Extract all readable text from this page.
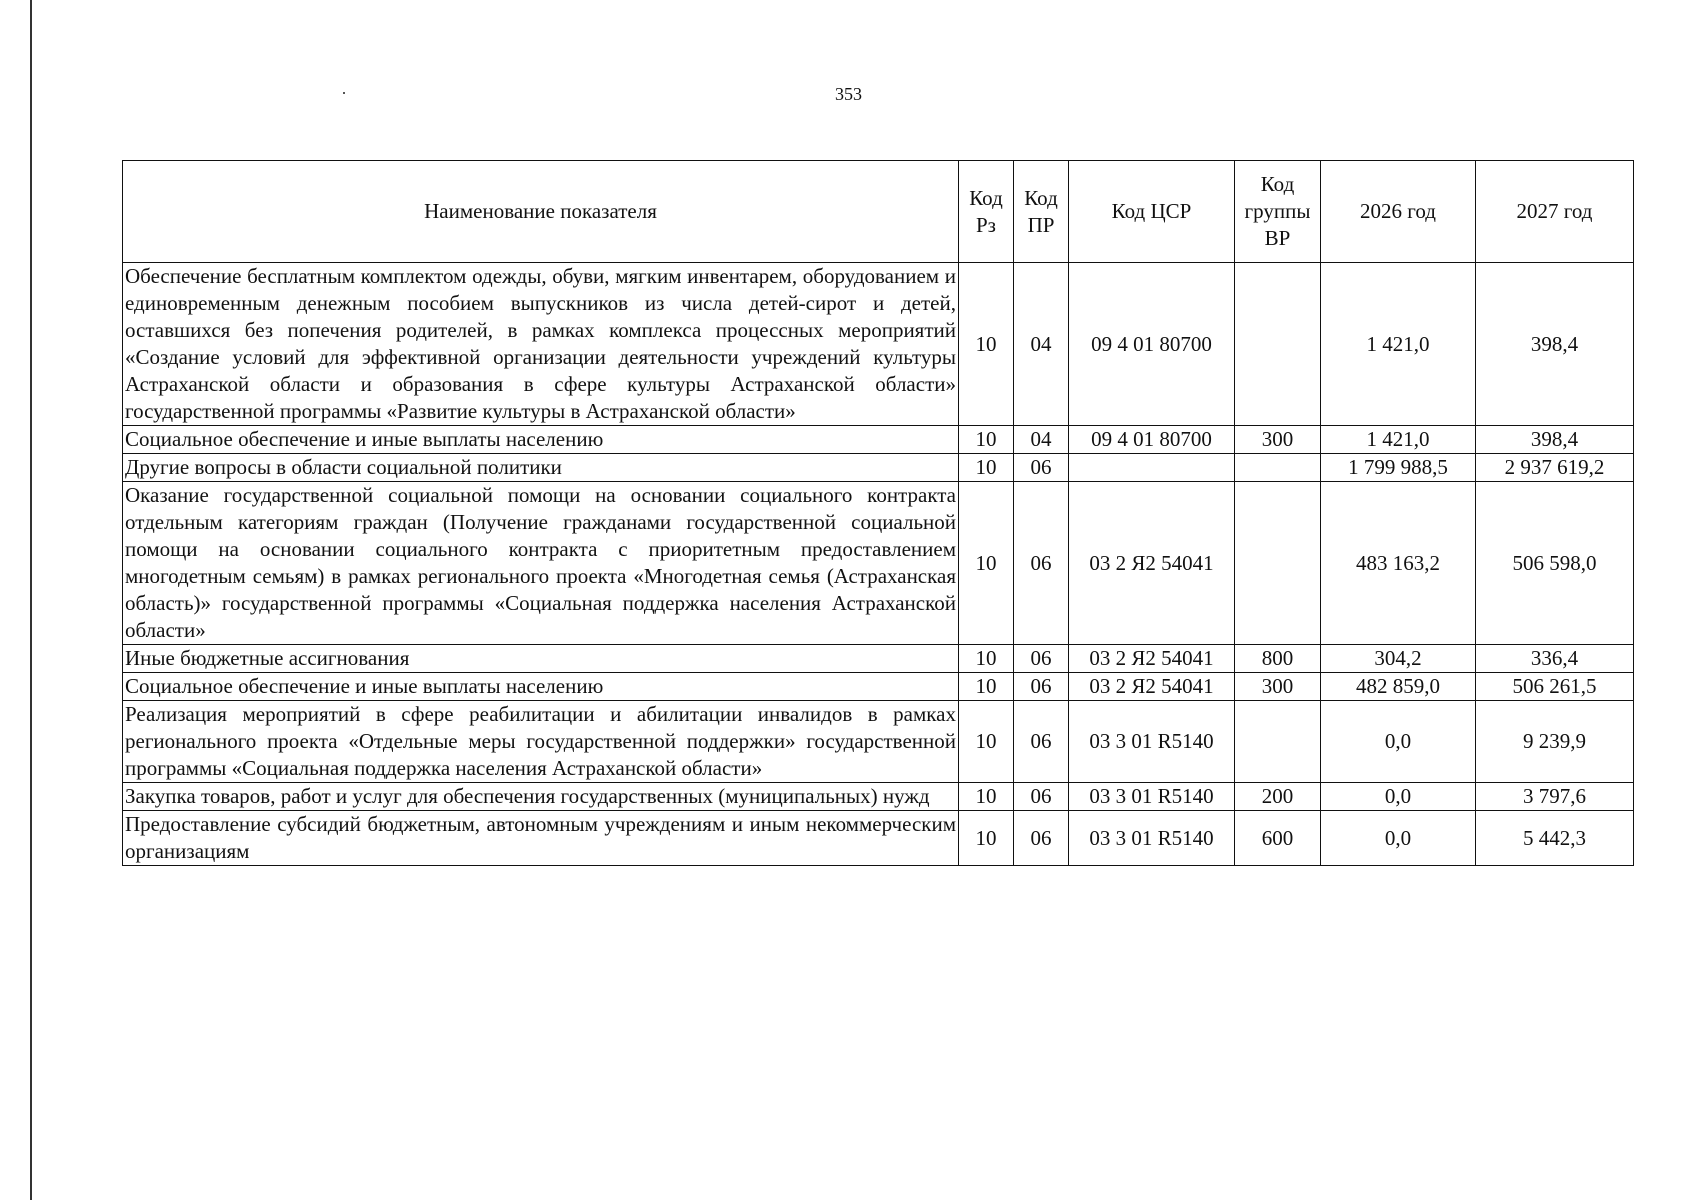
353
Наименование показателя	Код Рз	Код ПР	Код ЦСР	Код группы ВР	2026 год	2027 год
Обеспечение бесплатным комплектом одежды, обуви, мягким инвентарем, оборудованием и единовременным денежным пособием выпускников из числа детей-сирот и детей, оставшихся без попечения родителей, в рамках комплекса процессных мероприятий «Создание условий для эффективной организации деятельности учреждений культуры Астраханской области и образования в сфере культуры Астраханской области» государственной программы «Развитие культуры в Астраханской области»	10	04	09 4 01 80700		1 421,0	398,4
Социальное обеспечение и иные выплаты населению	10	04	09 4 01 80700	300	1 421,0	398,4
Другие вопросы в области социальной политики	10	06			1 799 988,5	2 937 619,2
Оказание государственной социальной помощи на основании социального контракта отдельным категориям граждан (Получение гражданами государственной социальной помощи на основании социального контракта с приоритетным предоставлением многодетным семьям) в рамках регионального проекта «Многодетная семья (Астраханская область)» государственной программы «Социальная поддержка населения Астраханской области»	10	06	03 2 Я2 54041		483 163,2	506 598,0
Иные бюджетные ассигнования	10	06	03 2 Я2 54041	800	304,2	336,4
Социальное обеспечение и иные выплаты населению	10	06	03 2 Я2 54041	300	482 859,0	506 261,5
Реализация мероприятий в сфере реабилитации и абилитации инвалидов в рамках регионального проекта «Отдельные меры государственной поддержки» государственной программы «Социальная поддержка населения Астраханской области»	10	06	03 3 01 R5140		0,0	9 239,9
Закупка товаров, работ и услуг для обеспечения государственных (муниципальных) нужд	10	06	03 3 01 R5140	200	0,0	3 797,6
Предоставление субсидий бюджетным, автономным учреждениям и иным некоммерческим организациям	10	06	03 3 01 R5140	600	0,0	5 442,3
